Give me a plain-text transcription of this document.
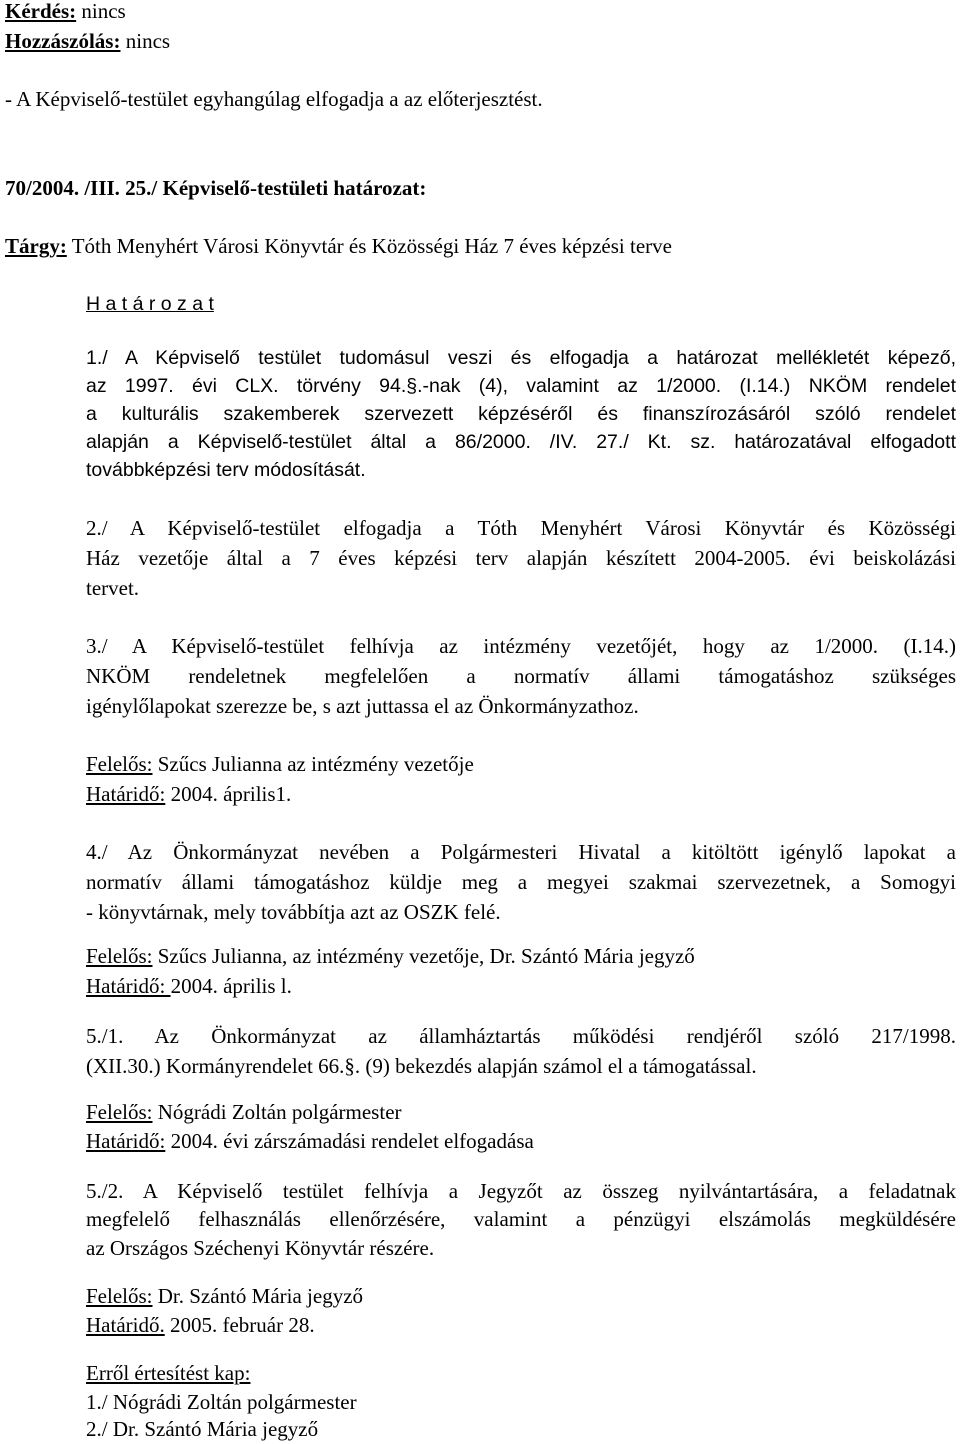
Kérdés: nincs
Hozzászólás: nincs
- A Képviselő-testület egyhangúlag elfogadja a az előterjesztést.
70/2004. /III. 25./ Képviselő-testületi határozat:
Tárgy: Tóth Menyhért Városi Könyvtár és Közösségi Ház 7 éves képzési terve
H a t á r o z a t
1./ A Képviselő testület tudomásul veszi és elfogadja a határozat mellékletét képező,
az 1997. évi CLX. törvény 94.§.-nak (4), valamint az 1/2000. (I.14.) NKÖM rendelet
a kulturális szakemberek szervezett képzéséről és finanszírozásáról szóló rendelet
alapján a Képviselő-testület által a 86/2000. /IV. 27./ Kt. sz. határozatával elfogadott
továbbképzési terv módosítását.
2./ A Képviselő-testület elfogadja a Tóth Menyhért Városi Könyvtár és Közösségi
Ház vezetője által a 7 éves képzési terv alapján készített 2004-2005. évi beiskolázási
tervet.
3./ A Képviselő-testület felhívja az intézmény vezetőjét, hogy az 1/2000. (I.14.)
NKÖM rendeletnek megfelelően a normatív állami támogatáshoz szükséges
igénylőlapokat szerezze be, s azt juttassa el az Önkormányzathoz.
Felelős: Szűcs Julianna az intézmény vezetője
Határidő: 2004. április1.
4./ Az Önkormányzat nevében a Polgármesteri Hivatal a kitöltött igénylő lapokat a
normatív állami támogatáshoz küldje meg a megyei szakmai szervezetnek, a Somogyi
- könyvtárnak, mely továbbítja azt az OSZK felé.
Felelős: Szűcs Julianna, az intézmény vezetője, Dr. Szántó Mária jegyző
Határidő: 2004. április l.
5./1. Az Önkormányzat az államháztartás működési rendjéről szóló 217/1998.
(XII.30.) Kormányrendelet 66.§. (9) bekezdés alapján számol el a támogatással.
Felelős: Nógrádi Zoltán polgármester
Határidő: 2004. évi zárszámadási rendelet elfogadása
5./2. A Képviselő testület felhívja a Jegyzőt az összeg nyilvántartására, a feladatnak
megfelelő felhasználás ellenőrzésére, valamint a pénzügyi elszámolás megküldésére
az Országos Széchenyi Könyvtár részére.
Felelős: Dr. Szántó Mária jegyző
Határidő. 2005. február 28.
Erről értesítést kap:
1./ Nógrádi Zoltán polgármester
2./ Dr. Szántó Mária jegyző
